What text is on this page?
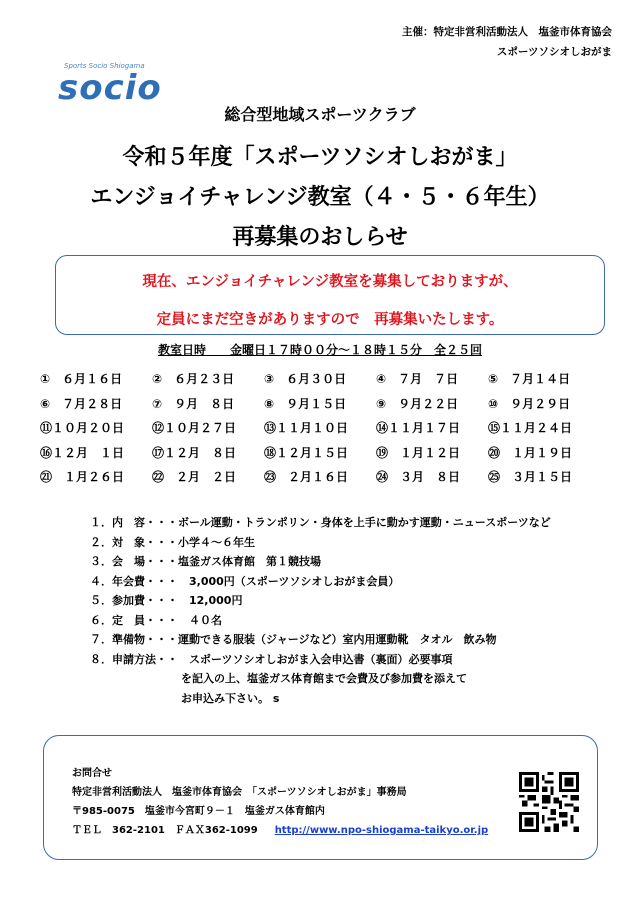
主催：特定非営利活動法人　塩釜市体育協会
スポーツソシオしおがま
Sports Socio Shiogama
socio
総合型地域スポーツクラブ
令和５年度「スポーツソシオしおがま」
エンジョイチャレンジ教室（４・５・６年生）
再募集のおしらせ
現在、エンジョイチャレンジ教室を募集しておりますが、
定員にまだ空きがありますので　再募集いたします。
教室日時　　金曜日１７時００分～１８時１５分　全２５回
①　６月１６日	②　６月２３日	③　６月３０日	④　７月　７日	⑤　７月１４日
⑥　７月２８日	⑦　９月　８日	⑧　９月１５日	⑨　９月２２日	⑩　９月２９日
⑪１０月２０日	⑫１０月２７日	⑬１１月１０日	⑭１１月１７日	⑮１１月２４日
⑯１２月　１日	⑰１２月　８日	⑱１２月１５日	⑲　１月１２日	⑳　１月１９日
㉑　１月２６日	㉒　２月　２日	㉓　２月１６日	㉔　３月　８日	㉕　３月１５日
１．内　容・・・ボール運動・トランポリン・身体を上手に動かす運動・ニュースポーツなど
２．対　象・・・小学４～６年生
３．会　場・・・塩釜ガス体育館　第１競技場
４．年会費・・・　3,000円（スポーツソシオしおがま会員）
５．参加費・・・　12,000円
６．定　員・・・　４０名
７．準備物・・・運動できる服装（ジャージなど）室内用運動靴　タオル　飲み物
８．申請方法・・　スポーツソシオしおがま入会申込書（裏面）必要事項
を記入の上、塩釜ガス体育館まで会費及び参加費を添えて
お申込み下さい。 s
お問合せ
特定非営利活動法人　塩釜市体育協会　「スポーツソシオしおがま」事務局
〒985-0075　塩釜市今宮町９－１　塩釜ガス体育館内
ＴＥＬ　362-2101　ＦＡＸ362-1099 　 http://www.npo-shiogama-taikyo.or.jp
